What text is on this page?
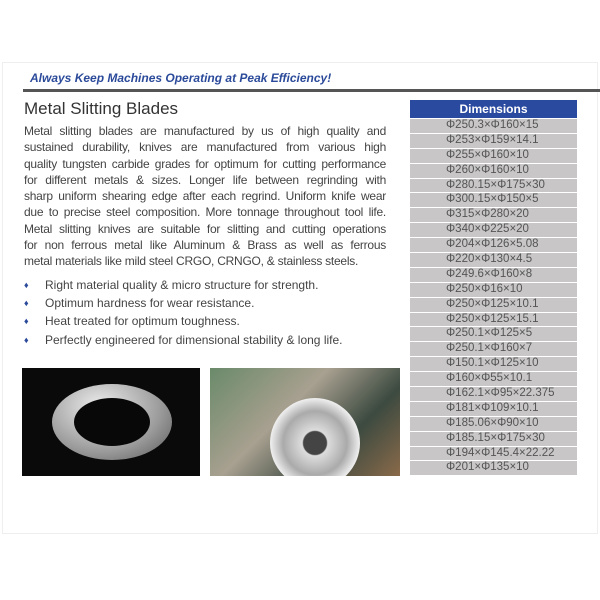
Always Keep Machines Operating at Peak Efficiency!
Metal Slitting Blades
Metal slitting blades are manufactured by us of high quality and
sustained durability, knives are manufactured from various high
quality tungsten carbide grades for optimum for cutting performance
for different metals & sizes. Longer life between regrinding with
sharp uniform shearing edge after each regrind. Uniform knife wear
due to precise steel composition. More tonnage throughout tool life.
Metal slitting knives are suitable for slitting and cutting operations
for non ferrous metal like Aluminum & Brass as well as ferrous
metal materials like mild steel CRGO, CRNGO, & stainless steels.
♦	Right material quality & micro structure for strength.
♦	Optimum hardness for wear resistance.
♦	Heat treated for optimum toughness.
♦	Perfectly engineered for dimensional stability & long life.
Dimensions
Φ250.3×Φ160×15
Φ253×Φ159×14.1
Φ255×Φ160×10
Φ260×Φ160×10
Φ280.15×Φ175×30
Φ300.15×Φ150×5
Φ315×Φ280×20
Φ340×Φ225×20
Φ204×Φ126×5.08
Φ220×Φ130×4.5
Φ249.6×Φ160×8
Φ250×Φ16×10
Φ250×Φ125×10.1
Φ250×Φ125×15.1
Φ250.1×Φ125×5
Φ250.1×Φ160×7
Φ150.1×Φ125×10
Φ160×Φ55×10.1
Φ162.1×Φ95×22.375
Φ181×Φ109×10.1
Φ185.06×Φ90×10
Φ185.15×Φ175×30
Φ194×Φ145.4×22.22
Φ201×Φ135×10
